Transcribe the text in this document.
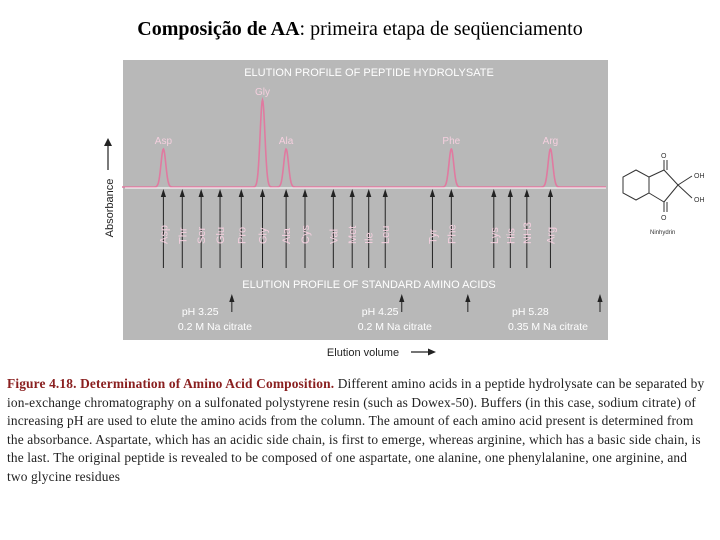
Composição de AA: primeira etapa de seqüenciamento
ELUTION PROFILE OF PEPTIDE HYDROLYSATE
Absorbance
Asp
Gly
Ala	Phe	Arg
Asp Thr Ser Glu Pro Gly Ala Cys Val Met Ile Leu	Tyr Phe	Lys His NH3 Arg
ELUTION PROFILE OF STANDARD AMINO ACIDS
pH 3.25
0.2 M Na citrate
pH 4.25
0.2 M Na citrate
pH 5.28
0.35 M Na citrate
Elution volume
O
O
OH
OH
Ninhydrin
Figure 4.18. Determination of Amino Acid Composition. Different amino acids in a peptide hydrolysate can be separated by ion-exchange chromatography on a sulfonated polystyrene resin (such as Dowex-50). Buffers (in this case, sodium citrate) of increasing pH are used to elute the amino acids from the column. The amount of each amino acid present is determined from the absorbance. Aspartate, which has an acidic side chain, is first to emerge, whereas arginine, which has a basic side chain, is the last. The original peptide is revealed to be composed of one aspartate, one alanine, one phenylalanine, one arginine, and two glycine residues
